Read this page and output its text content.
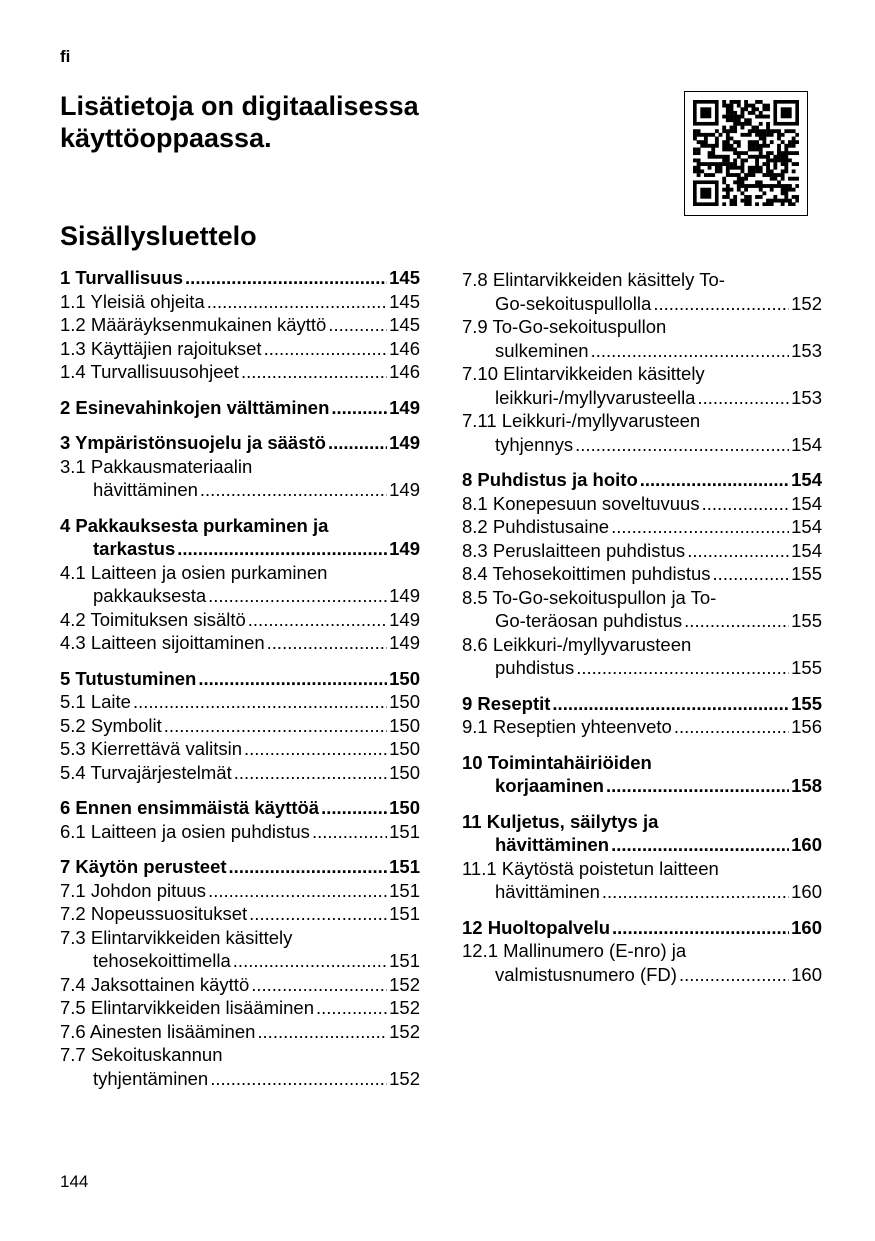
fi
Lisätietoja on digitaalisessa käyttöoppaassa.
Sisällysluettelo
1 Turvallisuus .....	145
1.1 Yleisiä ohjeita .....	145
1.2 Määräyksenmukainen käyttö .....	145
1.3 Käyttäjien rajoitukset .....	146
1.4 Turvallisuusohjeet .....	146
2 Esinevahinkojen välttäminen .....	149
3 Ympäristönsuojelu ja säästö .....	149
3.1 Pakkausmateriaalin
hävittäminen .....	149
4 Pakkauksesta purkaminen ja
tarkastus .....	149
4.1 Laitteen ja osien purkaminen
pakkauksesta .....	149
4.2 Toimituksen sisältö .....	149
4.3 Laitteen sijoittaminen .....	149
5 Tutustuminen .....	150
5.1 Laite .....	150
5.2 Symbolit .....	150
5.3 Kierrettävä valitsin .....	150
5.4 Turvajärjestelmät .....	150
6 Ennen ensimmäistä käyttöä .....	150
6.1 Laitteen ja osien puhdistus .....	151
7 Käytön perusteet .....	151
7.1 Johdon pituus .....	151
7.2 Nopeussuositukset .....	151
7.3 Elintarvikkeiden käsittely
tehosekoittimella .....	151
7.4 Jaksottainen käyttö .....	152
7.5 Elintarvikkeiden lisääminen .....	152
7.6 Ainesten lisääminen .....	152
7.7 Sekoituskannun
tyhjentäminen .....	152
7.8 Elintarvikkeiden käsittely To-
Go-sekoituspullolla .....	152
7.9 To-Go-sekoituspullon
sulkeminen .....	153
7.10 Elintarvikkeiden käsittely
leikkuri-/myllyvarusteella .....	153
7.11 Leikkuri-/myllyvarusteen
tyhjennys .....	154
8 Puhdistus ja hoito .....	154
8.1 Konepesuun soveltuvuus .....	154
8.2 Puhdistusaine .....	154
8.3 Peruslaitteen puhdistus .....	154
8.4 Tehosekoittimen puhdistus .....	155
8.5 To-Go-sekoituspullon ja To-
Go-teräosan puhdistus .....	155
8.6 Leikkuri-/myllyvarusteen
puhdistus .....	155
9 Reseptit .....	155
9.1 Reseptien yhteenveto .....	156
10 Toimintahäiriöiden
korjaaminen .....	158
11 Kuljetus, säilytys ja
hävittäminen .....	160
11.1 Käytöstä poistetun laitteen
hävittäminen .....	160
12 Huoltopalvelu .....	160
12.1 Mallinumero (E-nro) ja
valmistusnumero (FD) .....	160
144
